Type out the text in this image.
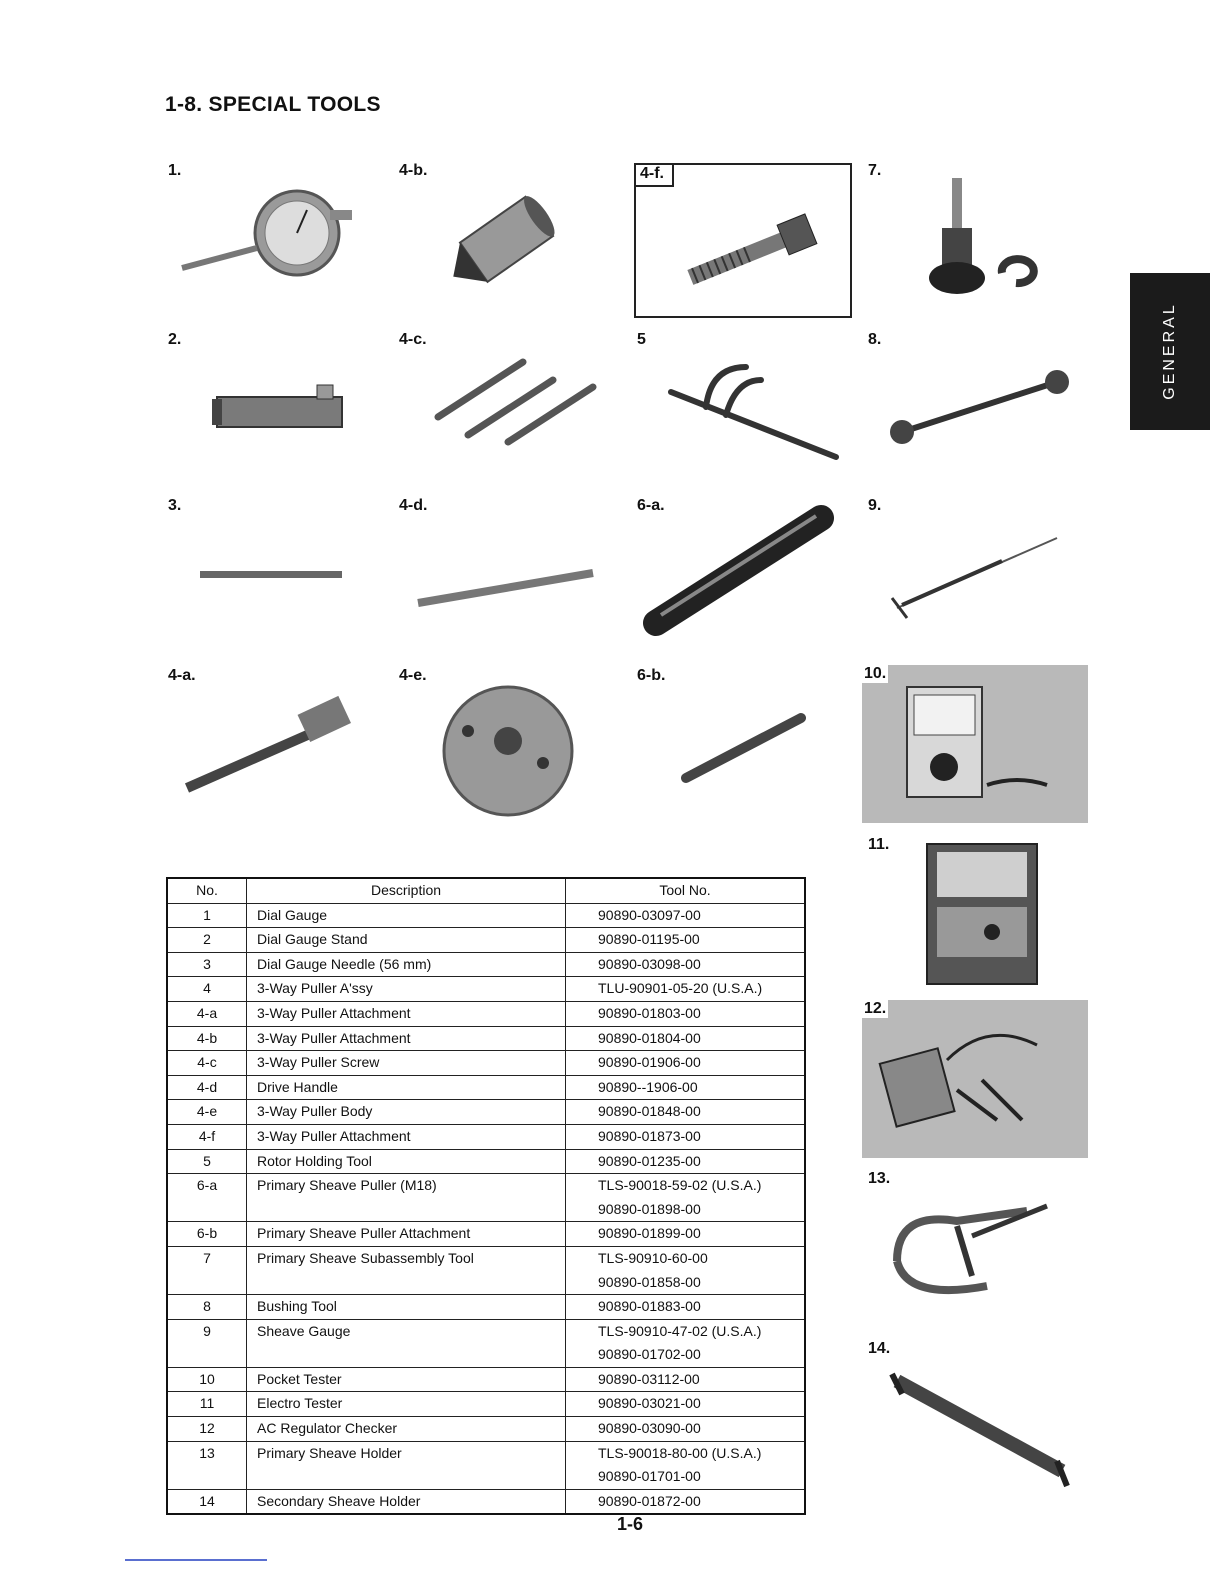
1-8. SPECIAL TOOLS
GENERAL
1.	4-b.	4-f.	7.
2.	4-c.	5	8.
3.	4-d.	6-a.	9.
4-a.	4-e.	6-b.	10.
11.
12.
13.
14.
No.	Description	Tool No.
1	Dial Gauge	90890-03097-00
2	Dial Gauge Stand	90890-01195-00
3	Dial Gauge Needle (56 mm)	90890-03098-00
4	3-Way Puller A'ssy	TLU-90901-05-20 (U.S.A.)
4-a	3-Way Puller Attachment	90890-01803-00
4-b	3-Way Puller Attachment	90890-01804-00
4-c	3-Way Puller Screw	90890-01906-00
4-d	Drive Handle	90890--1906-00
4-e	3-Way Puller Body	90890-01848-00
4-f	3-Way Puller Attachment	90890-01873-00
5	Rotor Holding Tool	90890-01235-00
6-a	Primary Sheave Puller (M18)	TLS-90018-59-02 (U.S.A.)
		90890-01898-00
6-b	Primary Sheave Puller Attachment	90890-01899-00
7	Primary Sheave Subassembly Tool	TLS-90910-60-00
		90890-01858-00
8	Bushing Tool	90890-01883-00
9	Sheave Gauge	TLS-90910-47-02 (U.S.A.)
		90890-01702-00
10	Pocket Tester	90890-03112-00
11	Electro Tester	90890-03021-00
12	AC Regulator Checker	90890-03090-00
13	Primary Sheave Holder	TLS-90018-80-00 (U.S.A.)
		90890-01701-00
14	Secondary Sheave Holder	90890-01872-00
1-6
